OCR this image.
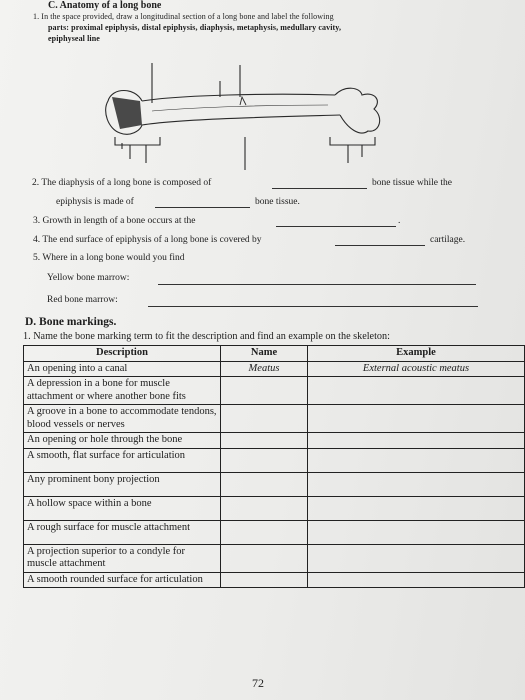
C. Anatomy of a long bone
1. In the space provided, draw a longitudinal section of a long bone and label the following
parts: proximal epiphysis, distal epiphysis, diaphysis, metaphysis, medullary cavity,
epiphyseal line
2. The diaphysis of a long bone is composed of	bone tissue while the
epiphysis is made of	bone tissue.
3. Growth in length of a bone occurs at the	.
4. The end surface of epiphysis of a long bone is covered by	cartilage.
5. Where in a long bone would you find
Yellow bone marrow:
Red bone marrow:
D. Bone markings.
1. Name the bone marking term to fit the description and find an example on the skeleton:
Description	Name	Example
An opening into a canal	Meatus	External acoustic meatus
A depression in a bone for muscle attachment or where another bone fits		
A groove in a bone to accommodate tendons, blood vessels or nerves		
An opening or hole through the bone		
A smooth, flat surface for articulation		
Any prominent bony projection		
A hollow space within a bone		
A rough surface for muscle attachment		
A projection superior to a condyle for muscle attachment		
A smooth rounded surface for articulation		
72
